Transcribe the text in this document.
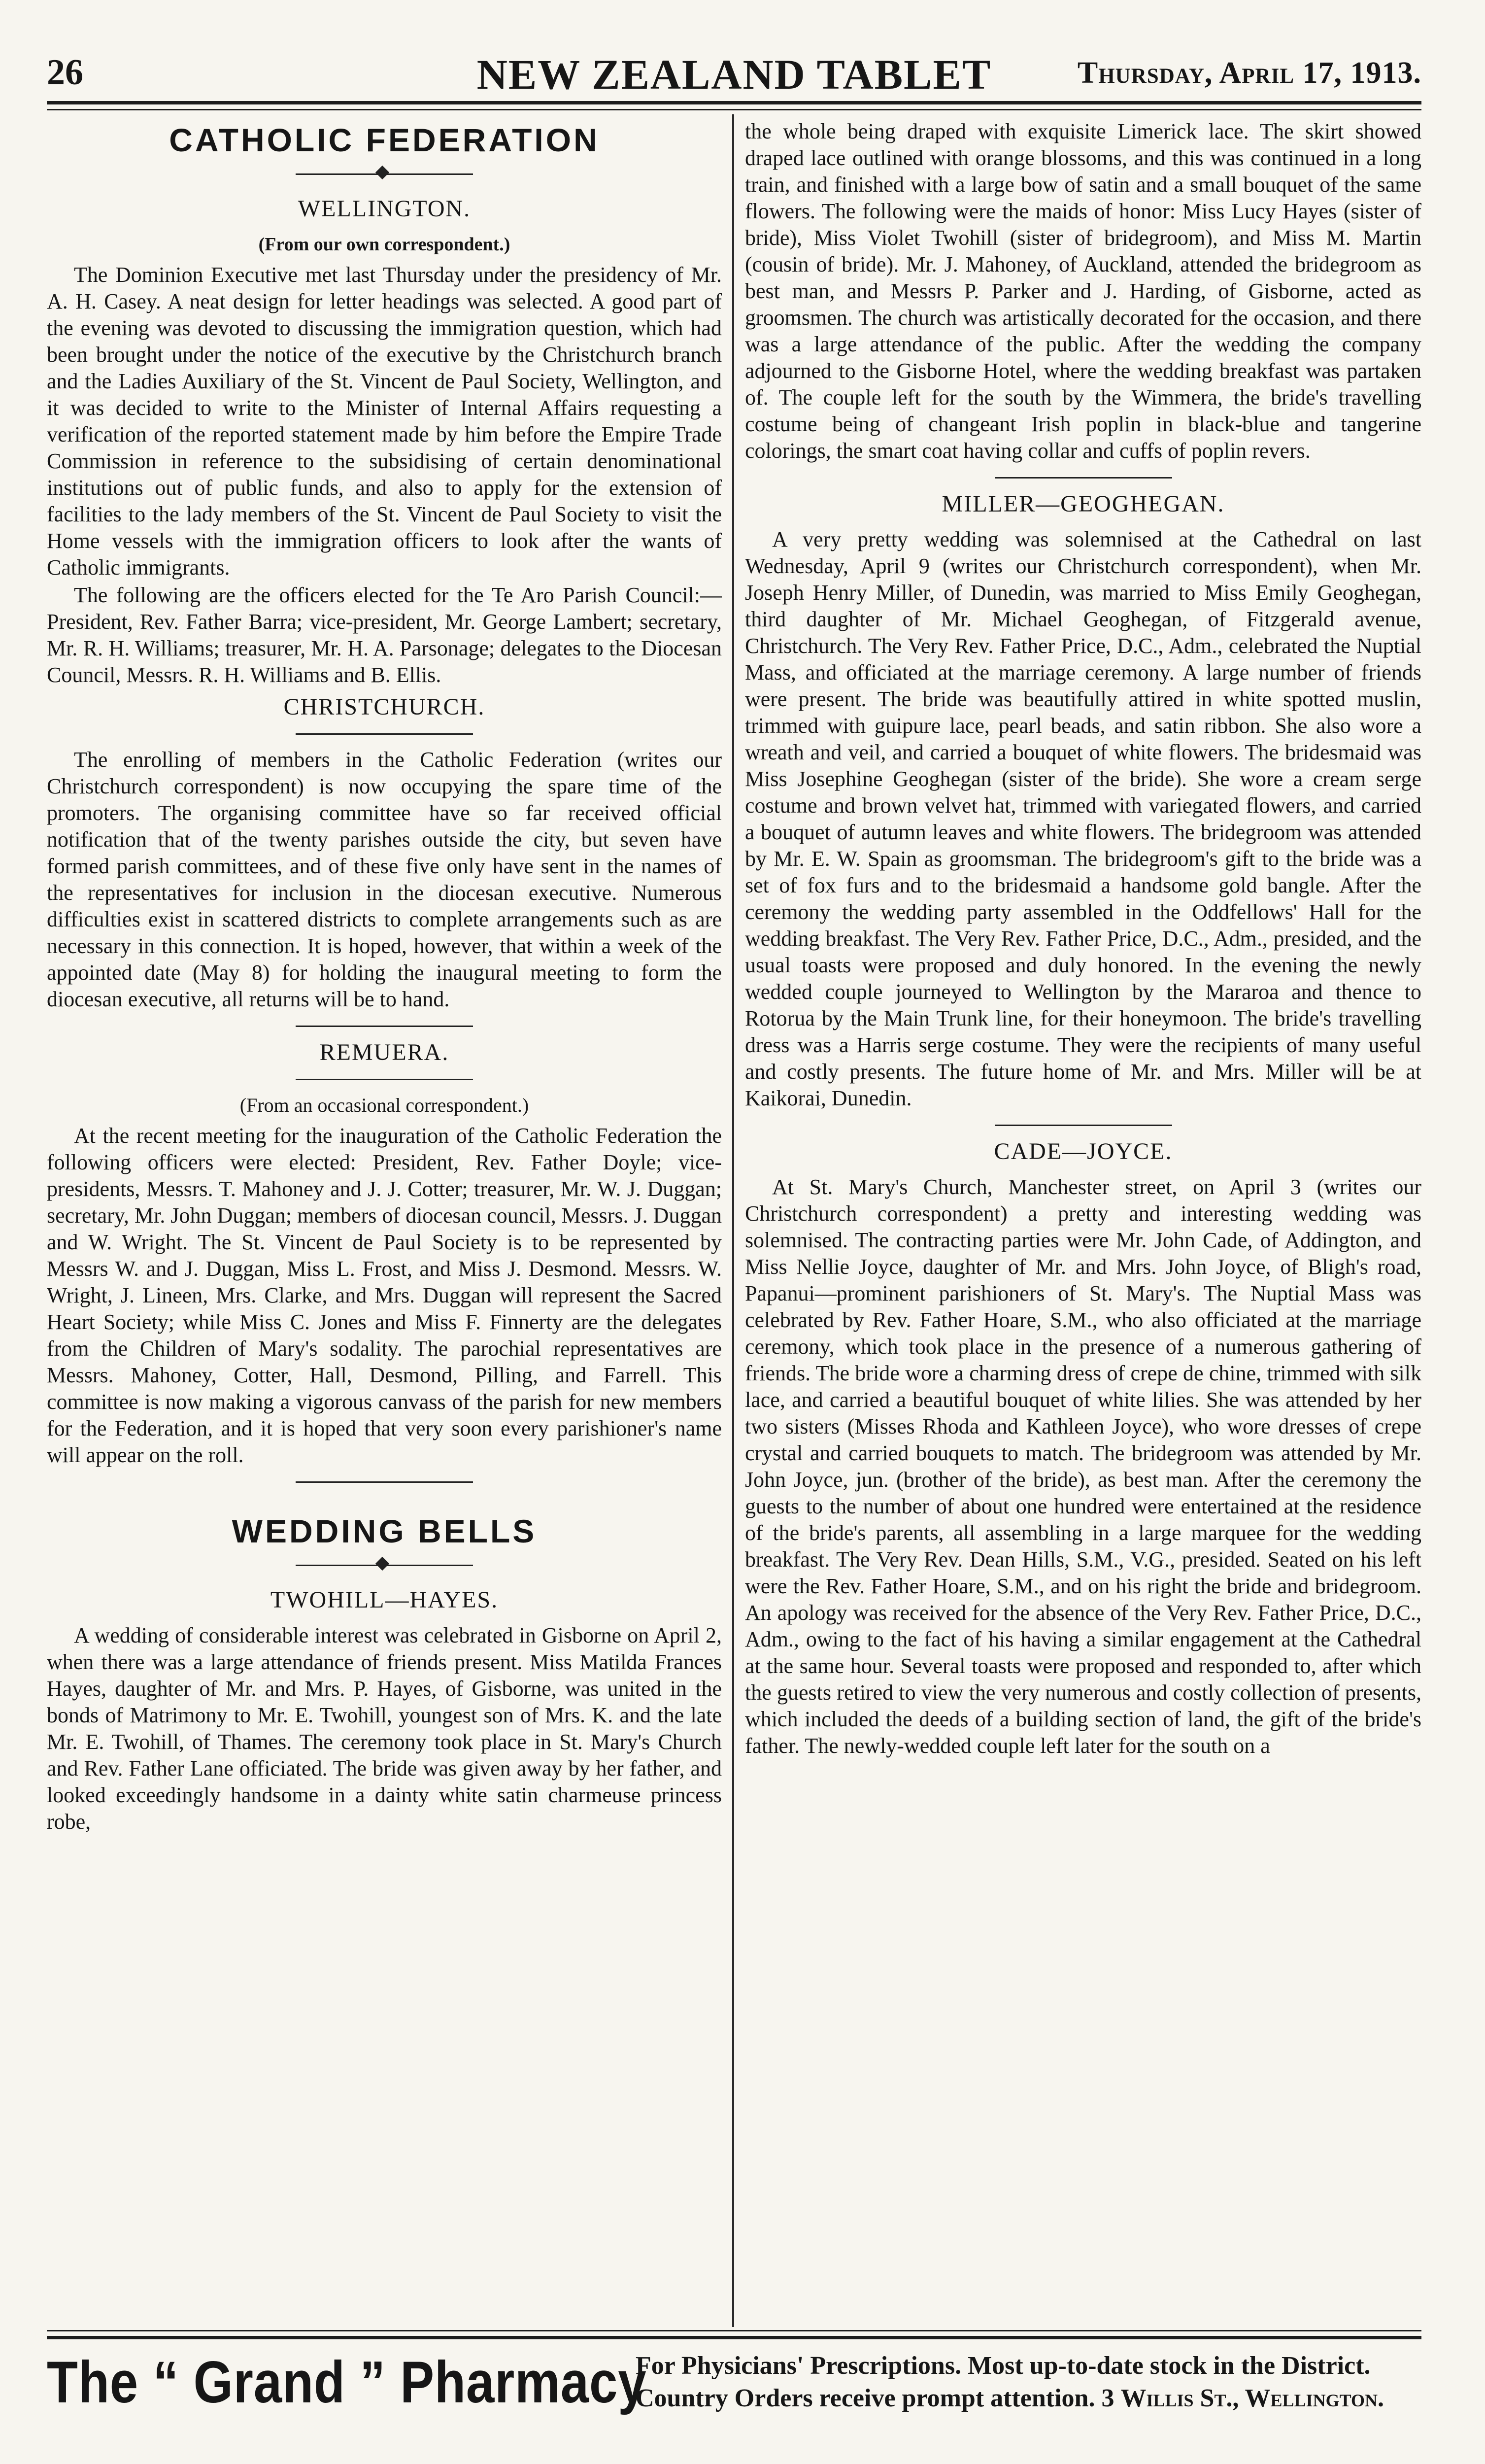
26	NEW ZEALAND TABLET	Thursday, April 17, 1913.
CATHOLIC FEDERATION
WELLINGTON.

(From our own correspondent.)

The Dominion Executive met last Thursday under the presidency of Mr. A. H. Casey. A neat design for letter headings was selected. A good part of the evening was devoted to discussing the immigration question, which had been brought under the notice of the executive by the Christchurch branch and the Ladies Auxiliary of the St. Vincent de Paul Society, Wellington, and it was decided to write to the Minister of Internal Affairs requesting a verification of the reported statement made by him before the Empire Trade Commission in reference to the subsidising of certain denominational institutions out of public funds, and also to apply for the extension of facilities to the lady members of the St. Vincent de Paul Society to visit the Home vessels with the immigration officers to look after the wants of Catholic immigrants.

The following are the officers elected for the Te Aro Parish Council:—President, Rev. Father Barra; vice-president, Mr. George Lambert; secretary, Mr. R. H. Williams; treasurer, Mr. H. A. Parsonage; delegates to the Diocesan Council, Messrs. R. H. Williams and B. Ellis.

CHRISTCHURCH.

The enrolling of members in the Catholic Federation (writes our Christchurch correspondent) is now occupying the spare time of the promoters. The organising committee have so far received official notification that of the twenty parishes outside the city, but seven have formed parish committees, and of these five only have sent in the names of the representatives for inclusion in the diocesan executive. Numerous difficulties exist in scattered districts to complete arrangements such as are necessary in this connection. It is hoped, however, that within a week of the appointed date (May 8) for holding the inaugural meeting to form the diocesan executive, all returns will be to hand.

REMUERA.

(From an occasional correspondent.)

At the recent meeting for the inauguration of the Catholic Federation the following officers were elected: President, Rev. Father Doyle; vice-presidents, Messrs. T. Mahoney and J. J. Cotter; treasurer, Mr. W. J. Duggan; secretary, Mr. John Duggan; members of diocesan council, Messrs. J. Duggan and W. Wright. The St. Vincent de Paul Society is to be represented by Messrs W. and J. Duggan, Miss L. Frost, and Miss J. Desmond. Messrs. W. Wright, J. Lineen, Mrs. Clarke, and Mrs. Duggan will represent the Sacred Heart Society; while Miss C. Jones and Miss F. Finnerty are the delegates from the Children of Mary's sodality. The parochial representatives are Messrs. Mahoney, Cotter, Hall, Desmond, Pilling, and Farrell. This committee is now making a vigorous canvass of the parish for new members for the Federation, and it is hoped that very soon every parishioner's name will appear on the roll.

WEDDING BELLS
TWOHILL—HAYES.

A wedding of considerable interest was celebrated in Gisborne on April 2, when there was a large attendance of friends present. Miss Matilda Frances Hayes, daughter of Mr. and Mrs. P. Hayes, of Gisborne, was united in the bonds of Matrimony to Mr. E. Twohill, youngest son of Mrs. K. and the late Mr. E. Twohill, of Thames. The ceremony took place in St. Mary's Church and Rev. Father Lane officiated. The bride was given away by her father, and looked exceedingly handsome in a dainty white satin charmeuse princess robe,

the whole being draped with exquisite Limerick lace. The skirt showed draped lace outlined with orange blossoms, and this was continued in a long train, and finished with a large bow of satin and a small bouquet of the same flowers. The following were the maids of honor: Miss Lucy Hayes (sister of bride), Miss Violet Twohill (sister of bridegroom), and Miss M. Martin (cousin of bride). Mr. J. Mahoney, of Auckland, attended the bridegroom as best man, and Messrs P. Parker and J. Harding, of Gisborne, acted as groomsmen. The church was artistically decorated for the occasion, and there was a large attendance of the public. After the wedding the company adjourned to the Gisborne Hotel, where the wedding breakfast was partaken of. The couple left for the south by the Wimmera, the bride's travelling costume being of changeant Irish poplin in black-blue and tangerine colorings, the smart coat having collar and cuffs of poplin revers.

MILLER—GEOGHEGAN.

A very pretty wedding was solemnised at the Cathedral on last Wednesday, April 9 (writes our Christchurch correspondent), when Mr. Joseph Henry Miller, of Dunedin, was married to Miss Emily Geoghegan, third daughter of Mr. Michael Geoghegan, of Fitzgerald avenue, Christchurch. The Very Rev. Father Price, D.C., Adm., celebrated the Nuptial Mass, and officiated at the marriage ceremony. A large number of friends were present. The bride was beautifully attired in white spotted muslin, trimmed with guipure lace, pearl beads, and satin ribbon. She also wore a wreath and veil, and carried a bouquet of white flowers. The bridesmaid was Miss Josephine Geoghegan (sister of the bride). She wore a cream serge costume and brown velvet hat, trimmed with variegated flowers, and carried a bouquet of autumn leaves and white flowers. The bridegroom was attended by Mr. E. W. Spain as groomsman. The bridegroom's gift to the bride was a set of fox furs and to the bridesmaid a handsome gold bangle. After the ceremony the wedding party assembled in the Oddfellows' Hall for the wedding breakfast. The Very Rev. Father Price, D.C., Adm., presided, and the usual toasts were proposed and duly honored. In the evening the newly wedded couple journeyed to Wellington by the Mararoa and thence to Rotorua by the Main Trunk line, for their honeymoon. The bride's travelling dress was a Harris serge costume. They were the recipients of many useful and costly presents. The future home of Mr. and Mrs. Miller will be at Kaikorai, Dunedin.

CADE—JOYCE.

At St. Mary's Church, Manchester street, on April 3 (writes our Christchurch correspondent) a pretty and interesting wedding was solemnised. The contracting parties were Mr. John Cade, of Addington, and Miss Nellie Joyce, daughter of Mr. and Mrs. John Joyce, of Bligh's road, Papanui—prominent parishioners of St. Mary's. The Nuptial Mass was celebrated by Rev. Father Hoare, S.M., who also officiated at the marriage ceremony, which took place in the presence of a numerous gathering of friends. The bride wore a charming dress of crepe de chine, trimmed with silk lace, and carried a beautiful bouquet of white lilies. She was attended by her two sisters (Misses Rhoda and Kathleen Joyce), who wore dresses of crepe crystal and carried bouquets to match. The bridegroom was attended by Mr. John Joyce, jun. (brother of the bride), as best man. After the ceremony the guests to the number of about one hundred were entertained at the residence of the bride's parents, all assembling in a large marquee for the wedding breakfast. The Very Rev. Dean Hills, S.M., V.G., presided. Seated on his left were the Rev. Father Hoare, S.M., and on his right the bride and bridegroom. An apology was received for the absence of the Very Rev. Father Price, D.C., Adm., owing to the fact of his having a similar engagement at the Cathedral at the same hour. Several toasts were proposed and responded to, after which the guests retired to view the very numerous and costly collection of presents, which included the deeds of a building section of land, the gift of the bride's father. The newly-wedded couple left later for the south on a

The “ Grand ” Pharmacy
For Physicians' Prescriptions. Most up-to-date stock in the District.
Country Orders receive prompt attention. 3 Willis St., Wellington.
